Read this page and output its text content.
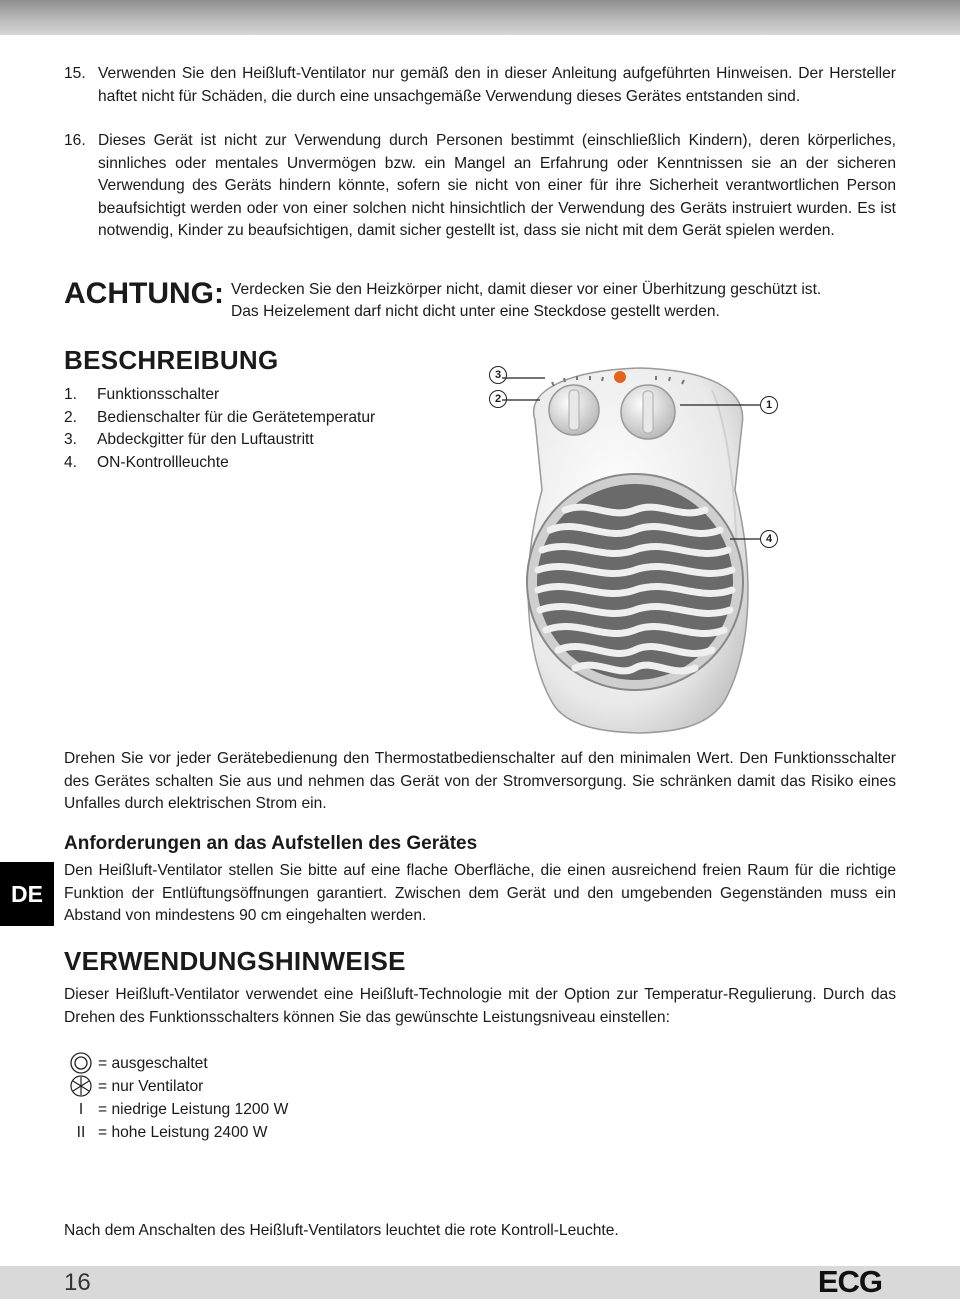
15. Verwenden Sie den Heißluft-Ventilator nur gemäß den in dieser Anleitung aufgeführten Hinweisen. Der Hersteller haftet nicht für Schäden, die durch eine unsachgemäße Verwendung dieses Gerätes entstanden sind.
16. Dieses Gerät ist nicht zur Verwendung durch Personen bestimmt (einschließlich Kindern), deren körperliches, sinnliches oder mentales Unvermögen bzw. ein Mangel an Erfahrung oder Kenntnissen sie an der sicheren Verwendung des Geräts hindern könnte, sofern sie nicht von einer für ihre Sicherheit verantwortlichen Person beaufsichtigt werden oder von einer solchen nicht hinsichtlich der Verwendung des Geräts instruiert wurden. Es ist notwendig, Kinder zu beaufsichtigen, damit sicher gestellt ist, dass sie nicht mit dem Gerät spielen werden.
ACHTUNG: Verdecken Sie den Heizkörper nicht, damit dieser vor einer Überhitzung geschützt ist.
Das Heizelement darf nicht dicht unter eine Steckdose gestellt werden.
BESCHREIBUNG
1. Funktionsschalter
2. Bedienschalter für die Gerätetemperatur
3. Abdeckgitter für den Luftaustritt
4. ON-Kontrollleuchte
3
2	1
4
Drehen Sie vor jeder Gerätebedienung den Thermostatbedienschalter auf den minimalen Wert. Den Funktionsschalter des Gerätes schalten Sie aus und nehmen das Gerät von der Stromversorgung. Sie schränken damit das Risiko eines Unfalles durch elektrischen Strom ein.
Anforderungen an das Aufstellen des Gerätes
Den Heißluft-Ventilator stellen Sie bitte auf eine flache Oberfläche, die einen ausreichend freien Raum für die richtige Funktion der Entlüftungsöffnungen garantiert. Zwischen dem Gerät und den umgebenden Gegenständen muss ein Abstand von mindestens 90 cm eingehalten werden.
DE
VERWENDUNGSHINWEISE
Dieser Heißluft-Ventilator verwendet eine Heißluft-Technologie mit der Option zur Temperatur-Regulierung. Durch das Drehen des Funktionsschalters können Sie das gewünschte Leistungsniveau einstellen:
= ausgeschaltet
= nur Ventilator
I = niedrige Leistung 1200 W
II = hohe Leistung 2400 W
Nach dem Anschalten des Heißluft-Ventilators leuchtet die rote Kontroll-Leuchte.
16	ECG
